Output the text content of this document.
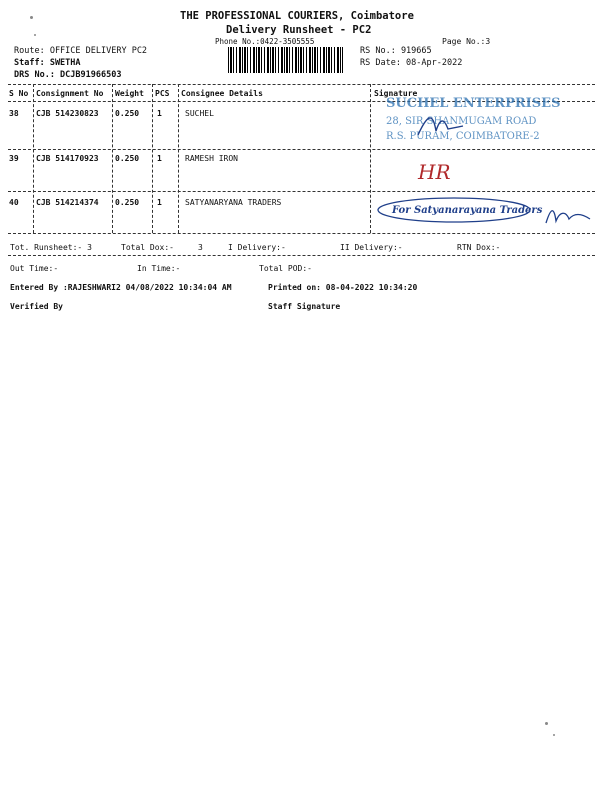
THE PROFESSIONAL COURIERS, Coimbatore
Delivery Runsheet - PC2
Phone No.:0422-3505555	Page No.:3
Route: OFFICE DELIVERY PC2
Staff: SWETHA
DRS No.: DCJB91966503
RS No.: 919665
RS Date: 08-Apr-2022
S No Consignment No Weight PCS Consignee Details	Signature
38 CJB 514230823 0.250 1	SUCHEL
39 CJB 514170923 0.250 1	RAMESH IRON
40 CJB 514214374 0.250 1	SATYANARYANA TRADERS
SUCHEL ENTERPRISES
28, SIR SHANMUGAM ROAD
R.S. PURAM, COIMBATORE-2
HR
For Satyanarayana Traders
Tot. Runsheet:- 3	Total Dox:-	3	I Delivery:-	II Delivery:-	RTN Dox:-
Out Time:-	In Time:-	Total POD:-
Entered By :RAJESHWARI2 04/08/2022 10:34:04 AM	Printed on: 08-04-2022 10:34:20
Verified By	Staff Signature
